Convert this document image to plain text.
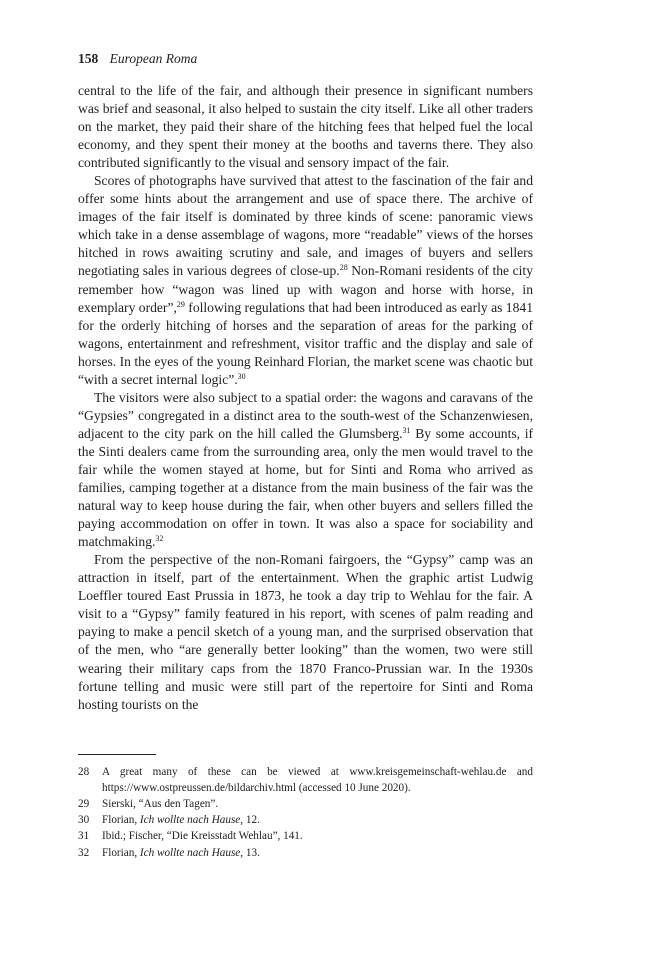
158 European Roma

central to the life of the fair, and although their presence in significant numbers was brief and seasonal, it also helped to sustain the city itself. Like all other traders on the market, they paid their share of the hitching fees that helped fuel the local economy, and they spent their money at the booths and taverns there. They also contributed significantly to the visual and sensory impact of the fair.

Scores of photographs have survived that attest to the fascination of the fair and offer some hints about the arrangement and use of space there. The archive of images of the fair itself is dominated by three kinds of scene: panoramic views which take in a dense assemblage of wagons, more “readable” views of the horses hitched in rows awaiting scrutiny and sale, and images of buyers and sellers negotiating sales in various degrees of close-up.$^{28}$ Non-Romani residents of the city remember how “wagon was lined up with wagon and horse with horse, in exemplary order”,$^{29}$ following regulations that had been introduced as early as 1841 for the orderly hitching of horses and the separation of areas for the parking of wagons, entertainment and refreshment, visitor traffic and the display and sale of horses. In the eyes of the young Reinhard Florian, the market scene was chaotic but “with a secret internal logic”.$^{30}$

The visitors were also subject to a spatial order: the wagons and caravans of the “Gypsies” congregated in a distinct area to the south-west of the Schanzenwiesen, adjacent to the city park on the hill called the Glumsberg.$^{31}$ By some accounts, if the Sinti dealers came from the surrounding area, only the men would travel to the fair while the women stayed at home, but for Sinti and Roma who arrived as families, camping together at a distance from the main business of the fair was the natural way to keep house during the fair, when other buyers and sellers filled the paying accommodation on offer in town. It was also a space for sociability and matchmaking.$^{32}$

From the perspective of the non-Romani fairgoers, the “Gypsy” camp was an attraction in itself, part of the entertainment. When the graphic artist Ludwig Loeffler toured East Prussia in 1873, he took a day trip to Wehlau for the fair. A visit to a “Gypsy” family featured in his report, with scenes of palm reading and paying to make a pencil sketch of a young man, and the surprised observation that of the men, who “are generally better looking” than the women, two were still wearing their military caps from the 1870 Franco-Prussian war. In the 1930s fortune telling and music were still part of the repertoire for Sinti and Roma hosting tourists on the

28	A great many of these can be viewed at www.kreisgemeinschaft-wehlau.de and https://www.ostpreussen.de/bildarchiv.html (accessed 10 June 2020).
29	Sierski, “Aus den Tagen”.
30	Florian, Ich wollte nach Hause, 12.
31	Ibid.; Fischer, “Die Kreisstadt Wehlau”, 141.
32	Florian, Ich wollte nach Hause, 13.
